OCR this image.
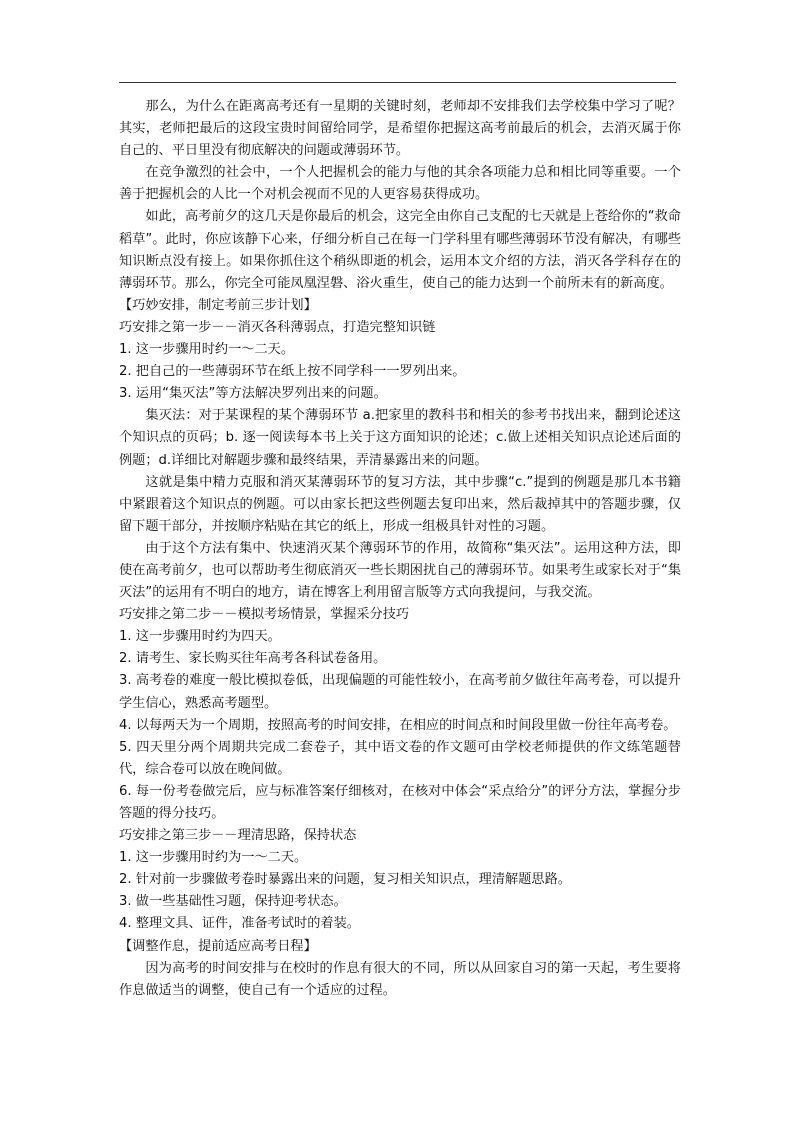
那么，为什么在距离高考还有一星期的关键时刻，老师却不安排我们去学校集中学习了呢？其实，老师把最后的这段宝贵时间留给同学，是希望你把握这高考前最后的机会，去消灭属于你自己的、平日里没有彻底解决的问题或薄弱环节。

在竞争激烈的社会中，一个人把握机会的能力与他的其余各项能力总和相比同等重要。一个善于把握机会的人比一个对机会视而不见的人更容易获得成功。

如此，高考前夕的这几天是你最后的机会，这完全由你自己支配的七天就是上苍给你的“救命稻草”。此时，你应该静下心来，仔细分析自己在每一门学科里有哪些薄弱环节没有解决，有哪些知识断点没有接上。如果你抓住这个稍纵即逝的机会，运用本文介绍的方法，消灭各学科存在的薄弱环节。那么，你完全可能凤凰涅磐、浴火重生，使自己的能力达到一个前所未有的新高度。

【巧妙安排，制定考前三步计划】

巧安排之第一步－－消灭各科薄弱点，打造完整知识链

1. 这一步骤用时约一～二天。

2. 把自己的一些薄弱环节在纸上按不同学科一一罗列出来。

3. 运用“集灭法”等方法解决罗列出来的问题。

集灭法：对于某课程的某个薄弱环节 a.把家里的教科书和相关的参考书找出来，翻到论述这个知识点的页码；b. 逐一阅读每本书上关于这方面知识的论述；c.做上述相关知识点论述后面的例题；d.详细比对解题步骤和最终结果，弄清暴露出来的问题。

这就是集中精力克服和消灭某薄弱环节的复习方法，其中步骤“c.”提到的例题是那几本书籍中紧跟着这个知识点的例题。可以由家长把这些例题去复印出来，然后裁掉其中的答题步骤，仅留下题干部分，并按顺序粘贴在其它的纸上，形成一组极具针对性的习题。

由于这个方法有集中、快速消灭某个薄弱环节的作用，故简称“集灭法”。运用这种方法，即使在高考前夕，也可以帮助考生彻底消灭一些长期困扰自己的薄弱环节。如果考生或家长对于“集灭法”的运用有不明白的地方，请在博客上利用留言版等方式向我提问，与我交流。

巧安排之第二步－－模拟考场情景，掌握采分技巧

1. 这一步骤用时约为四天。

2. 请考生、家长购买往年高考各科试卷备用。

3. 高考卷的难度一般比模拟卷低，出现偏题的可能性较小，在高考前夕做往年高考卷，可以提升学生信心，熟悉高考题型。

4. 以每两天为一个周期，按照高考的时间安排，在相应的时间点和时间段里做一份往年高考卷。

5. 四天里分两个周期共完成二套卷子，其中语文卷的作文题可由学校老师提供的作文练笔题替代，综合卷可以放在晚间做。

6. 每一份考卷做完后，应与标准答案仔细核对，在核对中体会“采点给分”的评分方法，掌握分步答题的得分技巧。

巧安排之第三步－－理清思路，保持状态

1. 这一步骤用时约为一～二天。

2. 针对前一步骤做考卷时暴露出来的问题，复习相关知识点，理清解题思路。

3. 做一些基础性习题，保持迎考状态。

4. 整理文具、证件，准备考试时的着装。

【调整作息，提前适应高考日程】

因为高考的时间安排与在校时的作息有很大的不同，所以从回家自习的第一天起，考生要将作息做适当的调整，使自己有一个适应的过程。
